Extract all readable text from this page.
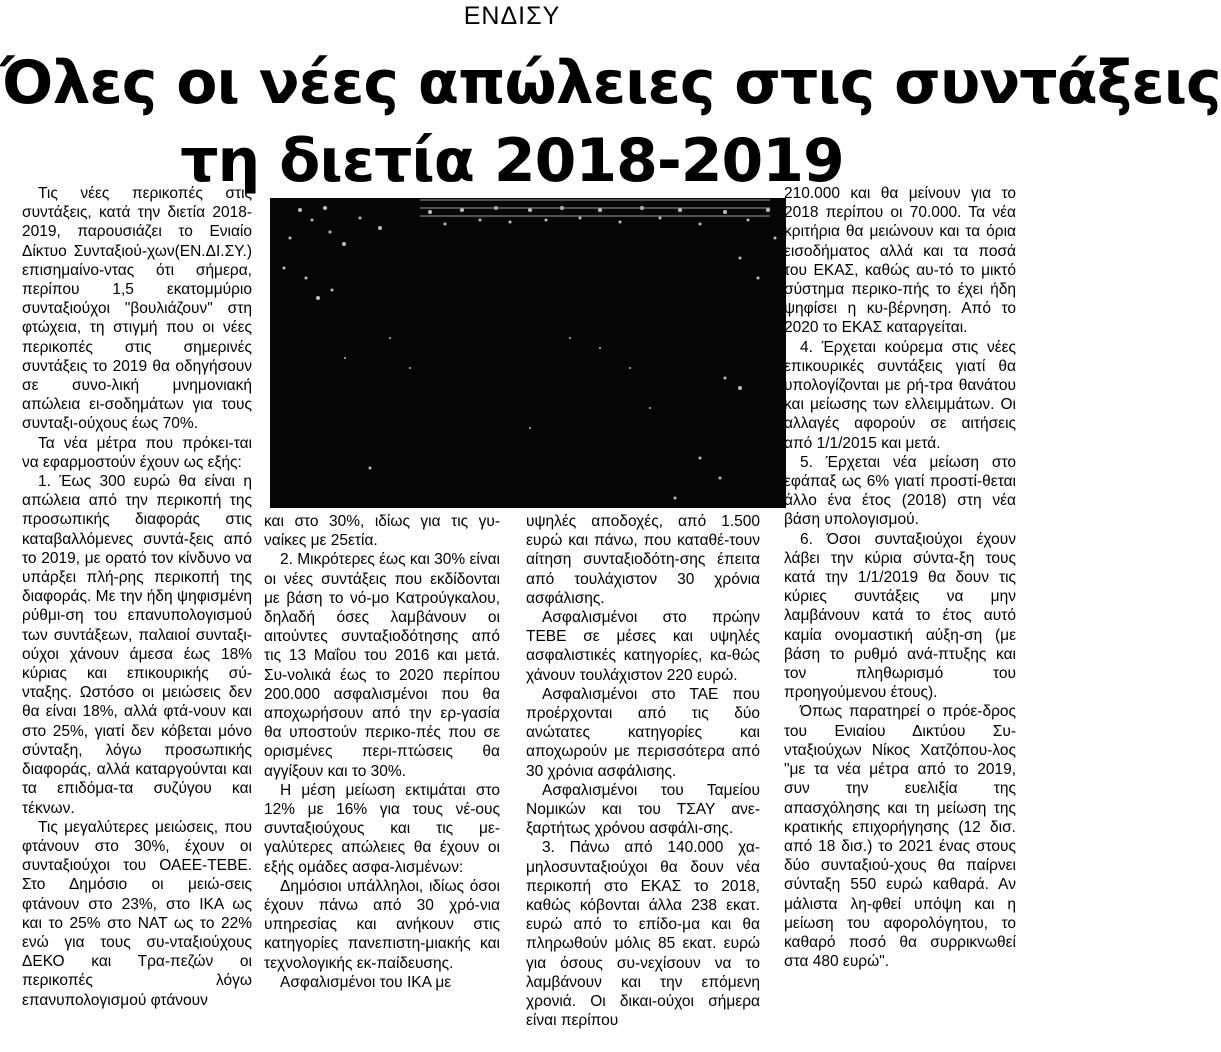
ΕΝΔΙΣΥ
Όλες οι νέες απώλειες στις συντάξεις
τη διετία 2018-2019

Τις νέες περικοπές στις συντάξεις, κατά την διετία 2018-2019, παρουσιάζει το Ενιαίο Δίκτυο Συνταξιού-χων(ΕΝ.ΔΙ.ΣΥ.) επισημαίνο-ντας ότι σήμερα, περίπου 1,5 εκατομμύριο συνταξιούχοι "βουλιάζουν" στη φτώχεια, τη στιγμή που οι νέες περικοπές στις σημερινές συντάξεις το 2019 θα οδηγήσουν σε συνο-λική μνημονιακή απώλεια ει-σοδημάτων για τους συνταξι-ούχους έως 70%.

Τα νέα μέτρα που πρόκει-ται να εφαρμοστούν έχουν ως εξής:

1. Έως 300 ευρώ θα είναι η απώλεια από την περικοπή της προσωπικής διαφοράς στις καταβαλλόμενες συντά-ξεις από το 2019, με ορατό τον κίνδυνο να υπάρξει πλή-ρης περικοπή της διαφοράς. Με την ήδη ψηφισμένη ρύθμι-ση του επανυπολογισμού των συντάξεων, παλαιοί συνταξι-ούχοι χάνουν άμεσα έως 18% κύριας και επικουρικής σύ-νταξης. Ωστόσο οι μειώσεις δεν θα είναι 18%, αλλά φτά-νουν και στο 25%, γιατί δεν κόβεται μόνο σύνταξη, λόγω προσωπικής διαφοράς, αλλά καταργούνται και τα επιδόμα-τα συζύγου και τέκνων.

Τις μεγαλύτερες μειώσεις, που φτάνουν στο 30%, έχουν οι συνταξιούχοι του ΟΑΕΕ-ΤΕΒΕ. Στο Δημόσιο οι μειώ-σεις φτάνουν στο 23%, στο ΙΚΑ ως και το 25% στο ΝΑΤ ως το 22% ενώ για τους συ-νταξιούχους ΔΕΚΟ και Τρα-πεζών οι περικοπές λόγω επανυπολογισμού φτάνουν

και στο 30%, ιδίως για τις γυ-ναίκες με 25ετία.

2. Μικρότερες έως και 30% είναι οι νέες συντάξεις που εκδίδονται με βάση το νό-μο Κατρούγκαλου, δηλαδή όσες λαμβάνουν οι αιτούντες συνταξιοδότησης από τις 13 Μαΐου του 2016 και μετά. Συ-νολικά έως το 2020 περίπου 200.000 ασφαλισμένοι που θα αποχωρήσουν από την ερ-γασία θα υποστούν περικο-πές που σε ορισμένες περι-πτώσεις θα αγγίξουν και το 30%.

Η μέση μείωση εκτιμάται στο 12% με 16% για τους νέ-ους συνταξιούχους και τις με-γαλύτερες απώλειες θα έχουν οι εξής ομάδες ασφα-λισμένων:

Δημόσιοι υπάλληλοι, ιδίως όσοι έχουν πάνω από 30 χρό-νια υπηρεσίας και ανήκουν στις κατηγορίες πανεπιστη-μιακής και τεχνολογικής εκ-παίδευσης.

Ασφαλισμένοι του ΙΚΑ με

υψηλές αποδοχές, από 1.500 ευρώ και πάνω, που καταθέ-τουν αίτηση συνταξιοδότη-σης έπειτα από τουλάχιστον 30 χρόνια ασφάλισης.

Ασφαλισμένοι στο πρώην ΤΕΒΕ σε μέσες και υψηλές ασφαλιστικές κατηγορίες, κα-θώς χάνουν τουλάχιστον 220 ευρώ.

Ασφαλισμένοι στο ΤΑΕ που προέρχονται από τις δύο ανώτατες κατηγορίες και αποχωρούν με περισσότερα από 30 χρόνια ασφάλισης.

Ασφαλισμένοι του Ταμείου Νομικών και του ΤΣΑΥ ανε-ξαρτήτως χρόνου ασφάλι-σης.

3. Πάνω από 140.000 χα-μηλοσυνταξιούχοι θα δουν νέα περικοπή στο ΕΚΑΣ το 2018, καθώς κόβονται άλλα 238 εκατ. ευρώ από το επίδο-μα και θα πληρωθούν μόλις 85 εκατ. ευρώ για όσους συ-νεχίσουν να το λαμβάνουν και την επόμενη χρονιά. Οι δικαι-ούχοι σήμερα είναι περίπου

210.000 και θα μείνουν για το 2018 περίπου οι 70.000. Τα νέα κριτήρια θα μειώνουν και τα όρια εισοδήματος αλλά και τα ποσά του ΕΚΑΣ, καθώς αυ-τό το μικτό σύστημα περικο-πής το έχει ήδη ψηφίσει η κυ-βέρνηση. Από το 2020 το ΕΚΑΣ καταργείται.

4. Έρχεται κούρεμα στις νέες επικουρικές συντάξεις γιατί θα υπολογίζονται με ρή-τρα θανάτου και μείωσης των ελλειμμάτων. Οι αλλαγές αφορούν σε αιτήσεις από 1/1/2015 και μετά.

5. Έρχεται νέα μείωση στο εφάπαξ ως 6% γιατί προστί-θεται άλλο ένα έτος (2018) στη νέα βάση υπολογισμού.

6. Όσοι συνταξιούχοι έχουν λάβει την κύρια σύντα-ξη τους κατά την 1/1/2019 θα δουν τις κύριες συντάξεις να μην λαμβάνουν κατά το έτος αυτό καμία ονομαστική αύξη-ση (με βάση το ρυθμό ανά-πτυξης και τον πληθωρισμό του προηγούμενου έτους).

Όπως παρατηρεί ο πρόε-δρος του Ενιαίου Δικτύου Συ-νταξιούχων Νίκος Χατζόπου-λος "με τα νέα μέτρα από το 2019, συν την ευελιξία της απασχόλησης και τη μείωση της κρατικής επιχορήγησης (12 δισ. από 18 δισ.) το 2021 ένας στους δύο συνταξιού-χους θα παίρνει σύνταξη 550 ευρώ καθαρά. Αν μάλιστα λη-φθεί υπόψη και η μείωση του αφορολόγητου, το καθαρό ποσό θα συρρικνωθεί στα 480 ευρώ".
